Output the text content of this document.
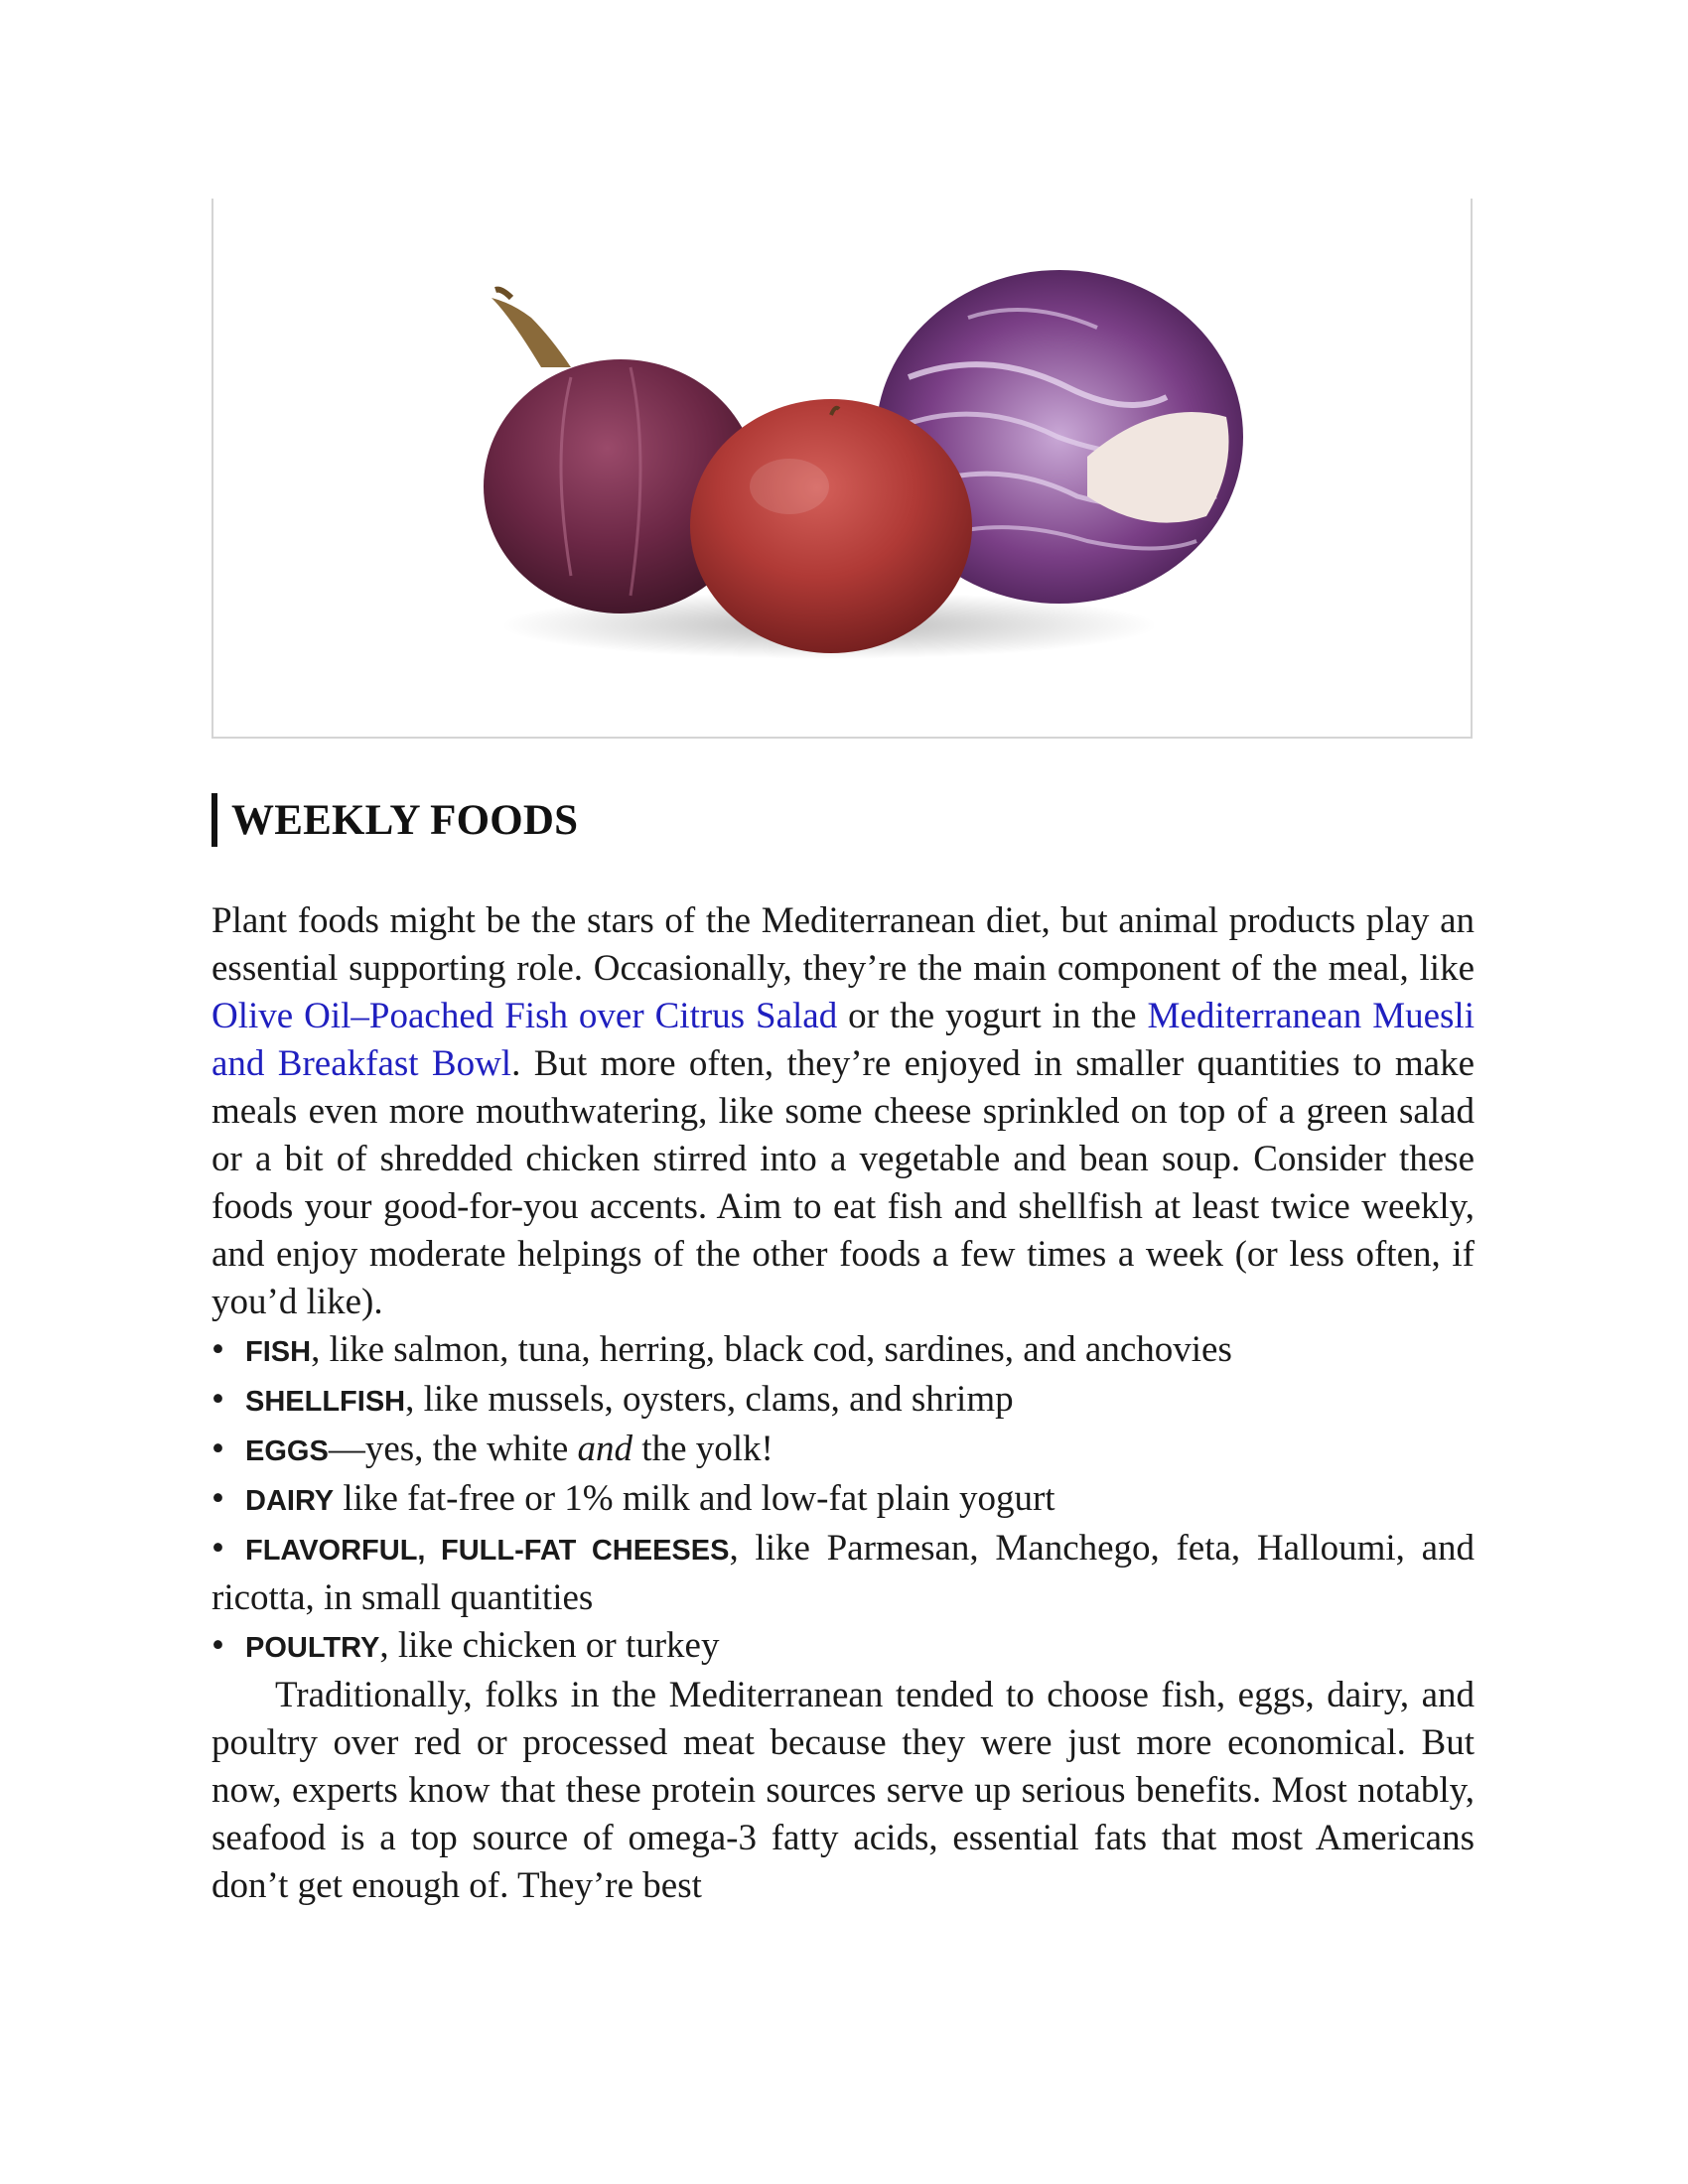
WEEKLY FOODS

Plant foods might be the stars of the Mediterranean diet, but animal products play an essential supporting role. Occasionally, they’re the main component of the meal, like Olive Oil–Poached Fish over Citrus Salad or the yogurt in the Mediterranean Muesli and Breakfast Bowl. But more often, they’re enjoyed in smaller quantities to make meals even more mouthwatering, like some cheese sprinkled on top of a green salad or a bit of shredded chicken stirred into a vegetable and bean soup. Consider these foods your good-for-you accents. Aim to eat fish and shellfish at least twice weekly, and enjoy moderate helpings of the other foods a few times a week (or less often, if you’d like).

• FISH, like salmon, tuna, herring, black cod, sardines, and anchovies
• SHELLFISH, like mussels, oysters, clams, and shrimp
• EGGS—yes, the white and the yolk!
• DAIRY like fat-free or 1% milk and low-fat plain yogurt
• FLAVORFUL, FULL-FAT CHEESES, like Parmesan, Manchego, feta, Halloumi, and ricotta, in small quantities
• POULTRY, like chicken or turkey

Traditionally, folks in the Mediterranean tended to choose fish, eggs, dairy, and poultry over red or processed meat because they were just more economical. But now, experts know that these protein sources serve up serious benefits. Most notably, seafood is a top source of omega-3 fatty acids, essential fats that most Americans don’t get enough of. They’re best
